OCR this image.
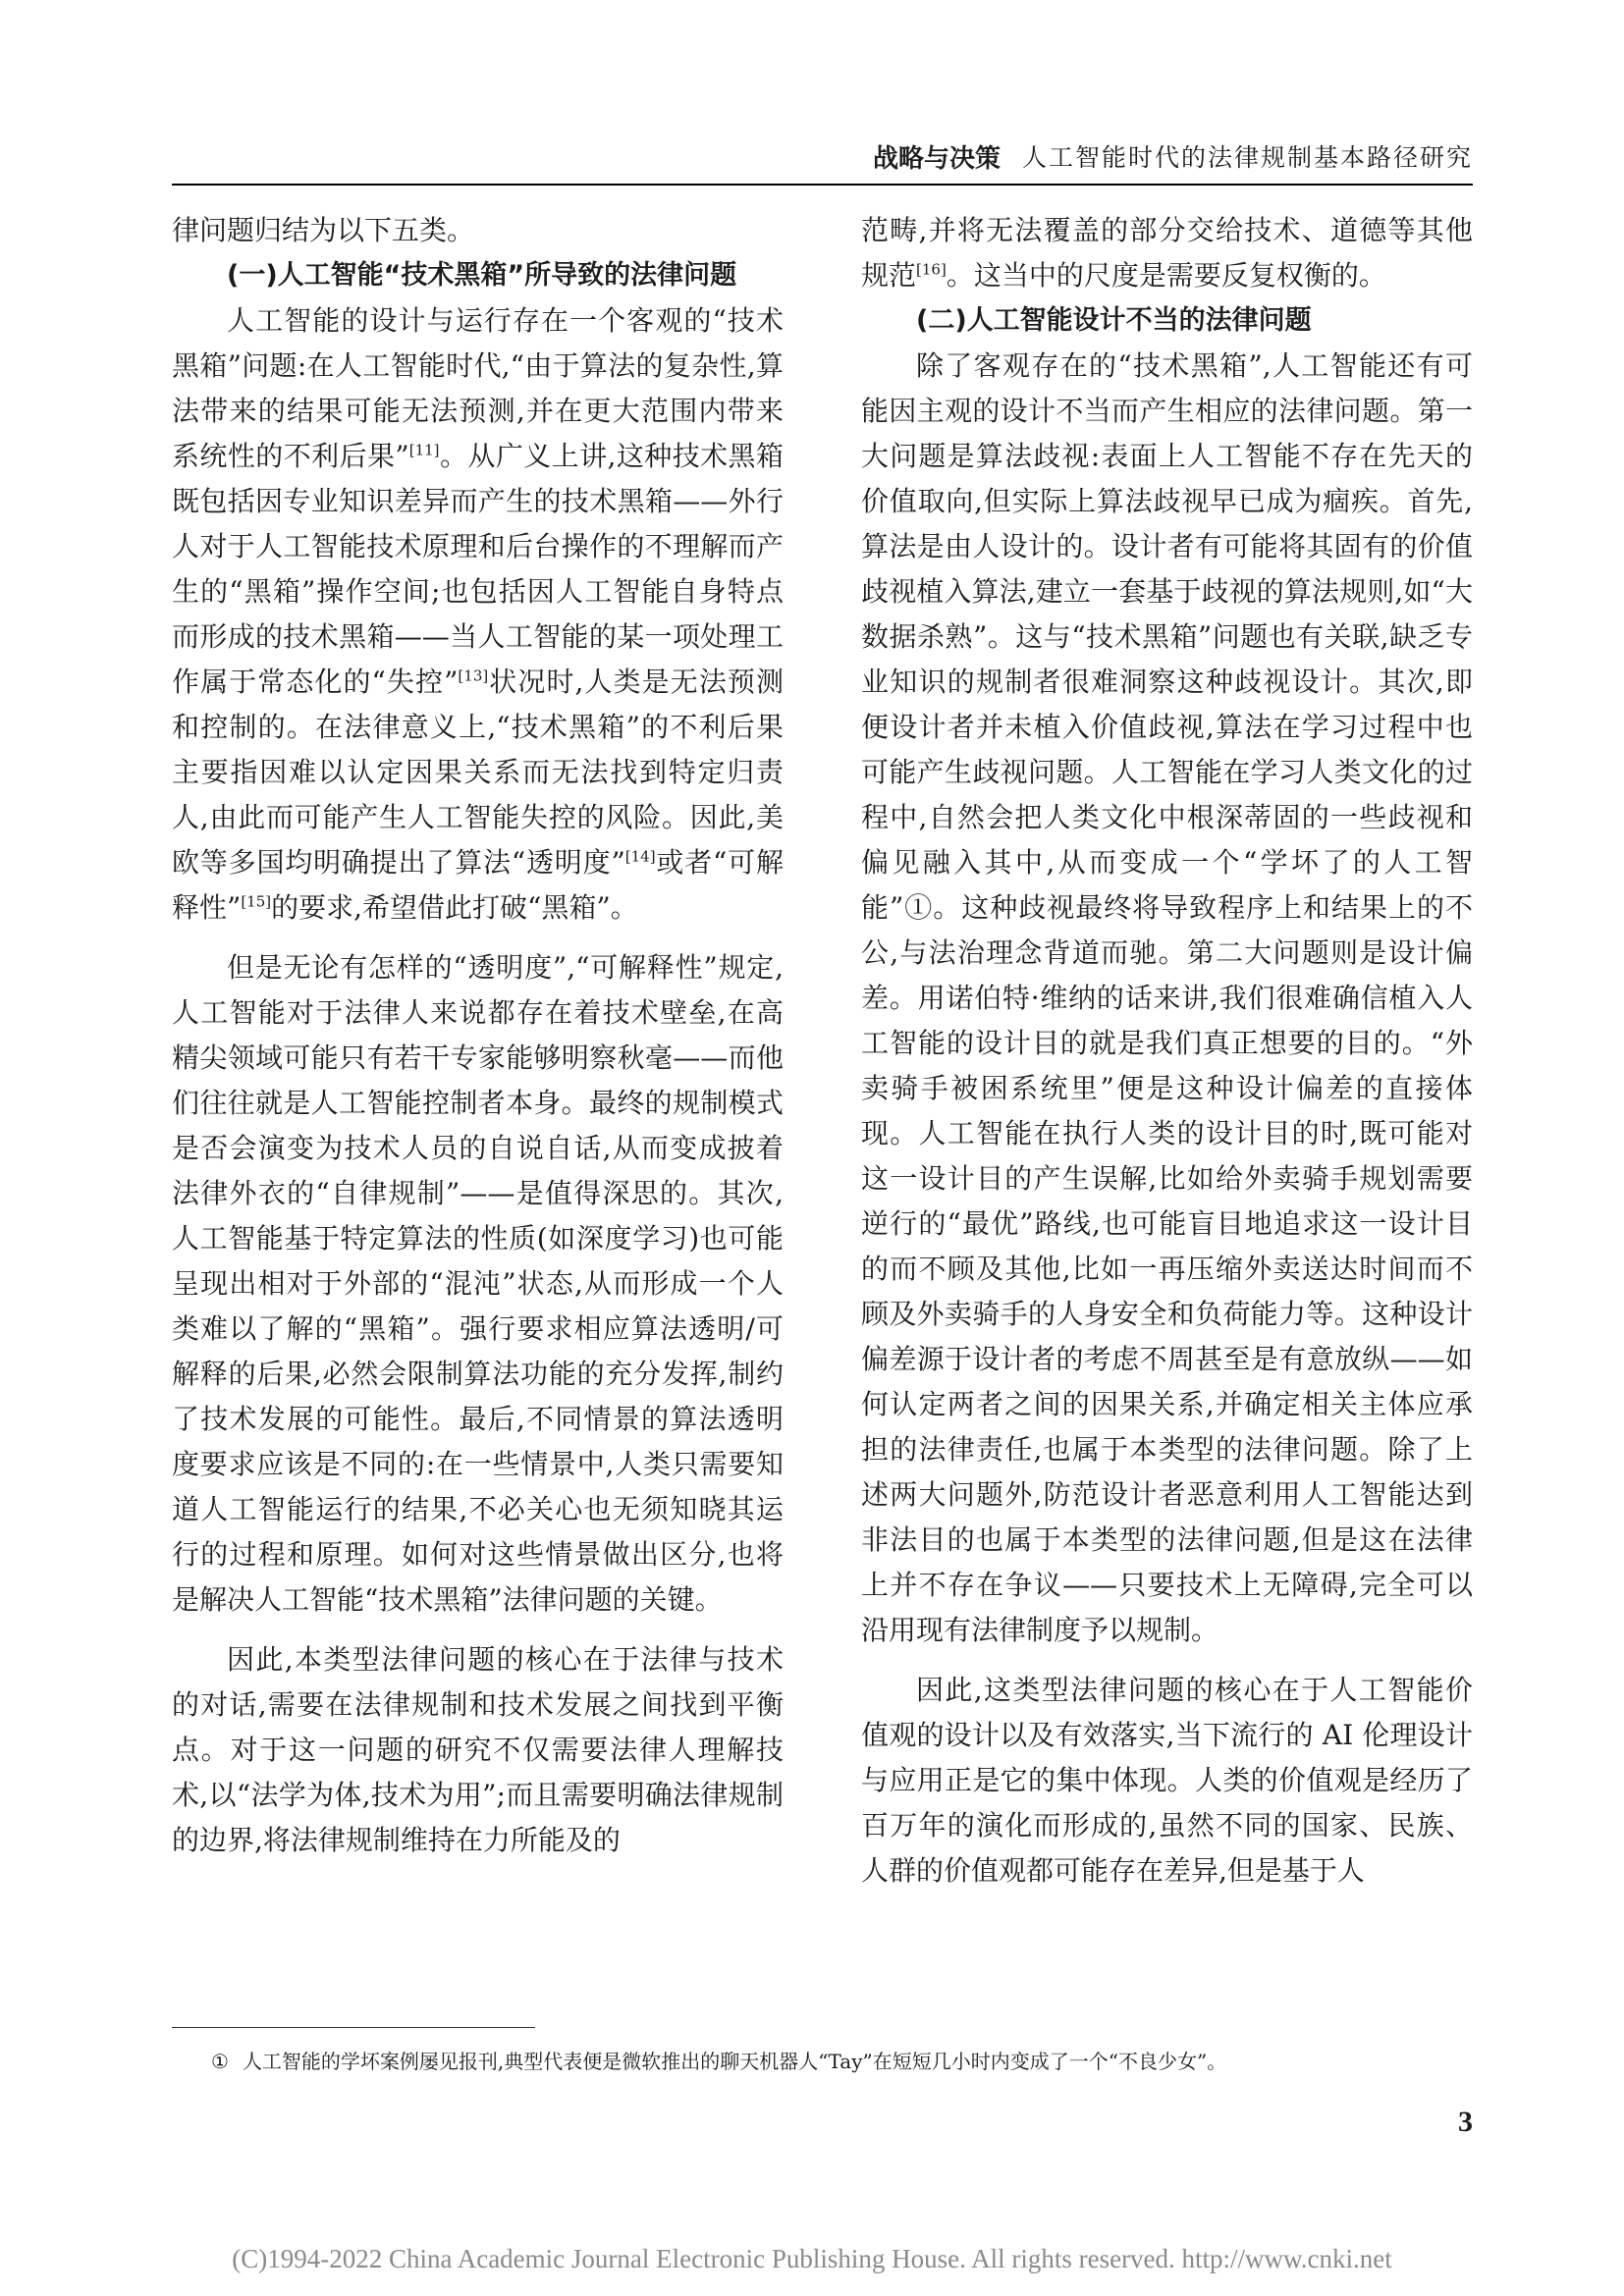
战略与决策 人工智能时代的法律规制基本路径研究

律问题归结为以下五类。

(一)人工智能“技术黑箱”所导致的法律问题

人工智能的设计与运行存在一个客观的“技术黑箱”问题:在人工智能时代,“由于算法的复杂性,算法带来的结果可能无法预测,并在更大范围内带来系统性的不利后果”[11]。从广义上讲,这种技术黑箱既包括因专业知识差异而产生的技术黑箱——外行人对于人工智能技术原理和后台操作的不理解而产生的“黑箱”操作空间;也包括因人工智能自身特点而形成的技术黑箱——当人工智能的某一项处理工作属于常态化的“失控”[13]状况时,人类是无法预测和控制的。在法律意义上,“技术黑箱”的不利后果主要指因难以认定因果关系而无法找到特定归责人,由此而可能产生人工智能失控的风险。因此,美欧等多国均明确提出了算法“透明度”[14]或者“可解释性”[15]的要求,希望借此打破“黑箱”。

但是无论有怎样的“透明度”,“可解释性”规定,人工智能对于法律人来说都存在着技术壁垒,在高精尖领域可能只有若干专家能够明察秋毫——而他们往往就是人工智能控制者本身。最终的规制模式是否会演变为技术人员的自说自话,从而变成披着法律外衣的“自律规制”——是值得深思的。其次,人工智能基于特定算法的性质(如深度学习)也可能呈现出相对于外部的“混沌”状态,从而形成一个人类难以了解的“黑箱”。强行要求相应算法透明/可解释的后果,必然会限制算法功能的充分发挥,制约了技术发展的可能性。最后,不同情景的算法透明度要求应该是不同的:在一些情景中,人类只需要知道人工智能运行的结果,不必关心也无须知晓其运行的过程和原理。如何对这些情景做出区分,也将是解决人工智能“技术黑箱”法律问题的关键。

因此,本类型法律问题的核心在于法律与技术的对话,需要在法律规制和技术发展之间找到平衡点。对于这一问题的研究不仅需要法律人理解技术,以“法学为体,技术为用”;而且需要明确法律规制的边界,将法律规制维持在力所能及的

范畴,并将无法覆盖的部分交给技术、道德等其他规范[16]。这当中的尺度是需要反复权衡的。

(二)人工智能设计不当的法律问题

除了客观存在的“技术黑箱”,人工智能还有可能因主观的设计不当而产生相应的法律问题。第一大问题是算法歧视:表面上人工智能不存在先天的价值取向,但实际上算法歧视早已成为痼疾。首先,算法是由人设计的。设计者有可能将其固有的价值歧视植入算法,建立一套基于歧视的算法规则,如“大数据杀熟”。这与“技术黑箱”问题也有关联,缺乏专业知识的规制者很难洞察这种歧视设计。其次,即便设计者并未植入价值歧视,算法在学习过程中也可能产生歧视问题。人工智能在学习人类文化的过程中,自然会把人类文化中根深蒂固的一些歧视和偏见融入其中,从而变成一个“学坏了的人工智能”①。这种歧视最终将导致程序上和结果上的不公,与法治理念背道而驰。第二大问题则是设计偏差。用诺伯特·维纳的话来讲,我们很难确信植入人工智能的设计目的就是我们真正想要的目的。“外卖骑手被困系统里”便是这种设计偏差的直接体现。人工智能在执行人类的设计目的时,既可能对这一设计目的产生误解,比如给外卖骑手规划需要逆行的“最优”路线,也可能盲目地追求这一设计目的而不顾及其他,比如一再压缩外卖送达时间而不顾及外卖骑手的人身安全和负荷能力等。这种设计偏差源于设计者的考虑不周甚至是有意放纵——如何认定两者之间的因果关系,并确定相关主体应承担的法律责任,也属于本类型的法律问题。除了上述两大问题外,防范设计者恶意利用人工智能达到非法目的也属于本类型的法律问题,但是这在法律上并不存在争议——只要技术上无障碍,完全可以沿用现有法律制度予以规制。

因此,这类型法律问题的核心在于人工智能价值观的设计以及有效落实,当下流行的 AI 伦理设计与应用正是它的集中体现。人类的价值观是经历了百万年的演化而形成的,虽然不同的国家、民族、人群的价值观都可能存在差异,但是基于人

① 人工智能的学坏案例屡见报刊,典型代表便是微软推出的聊天机器人“Tay”在短短几小时内变成了一个“不良少女”。
3
(C)1994-2022 China Academic Journal Electronic Publishing House. All rights reserved. http://www.cnki.net
